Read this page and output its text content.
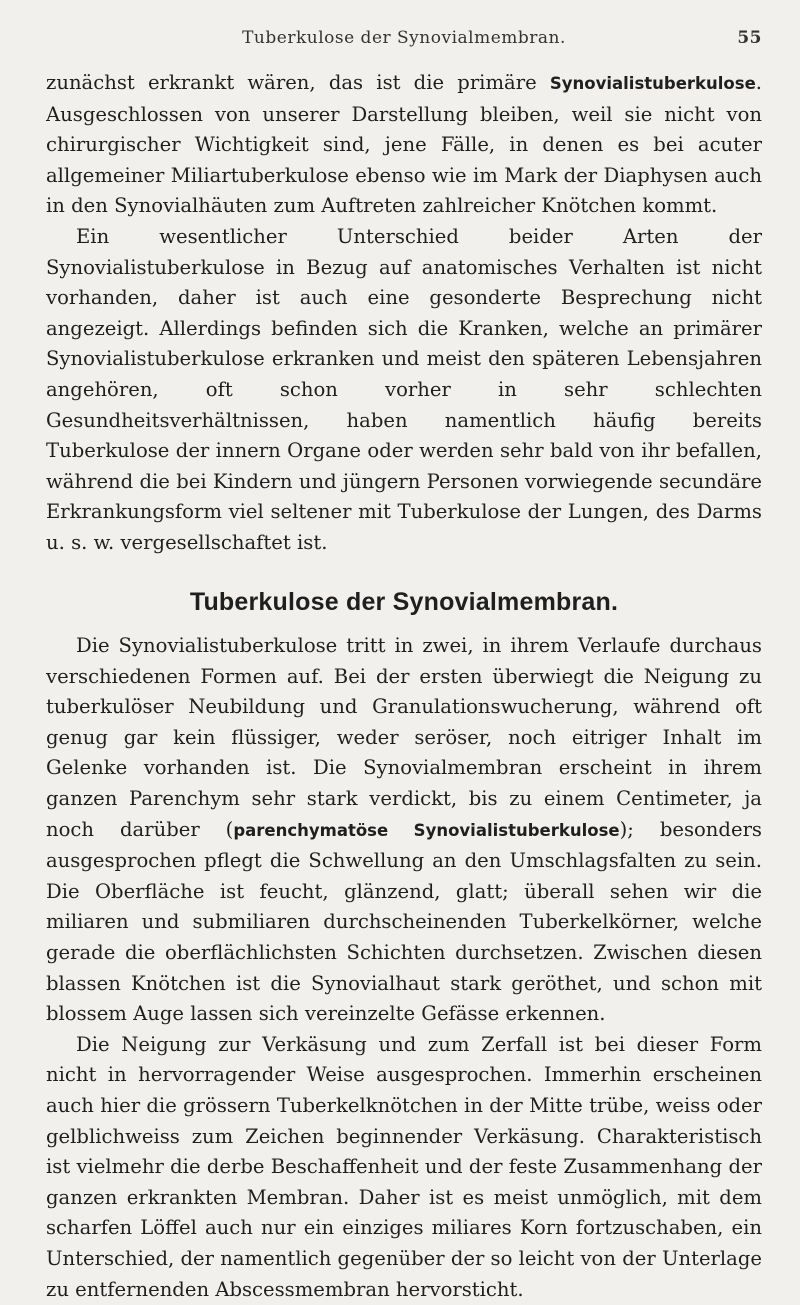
Tuberkulose der Synovialmembran.	55

zunächst erkrankt wären, das ist die primäre Synovialistuberkulose. Ausgeschlossen von unserer Darstellung bleiben, weil sie nicht von chirurgischer Wichtigkeit sind, jene Fälle, in denen es bei acuter allgemeiner Miliartuberkulose ebenso wie im Mark der Diaphysen auch in den Synovialhäuten zum Auftreten zahlreicher Knötchen kommt.

Ein wesentlicher Unterschied beider Arten der Synovialistuberkulose in Bezug auf anatomisches Verhalten ist nicht vorhanden, daher ist auch eine gesonderte Besprechung nicht angezeigt. Allerdings befinden sich die Kranken, welche an primärer Synovialistuberkulose erkranken und meist den späteren Lebensjahren angehören, oft schon vorher in sehr schlechten Gesundheitsverhältnissen, haben namentlich häufig bereits Tuberkulose der innern Organe oder werden sehr bald von ihr befallen, während die bei Kindern und jüngern Personen vorwiegende secundäre Erkrankungsform viel seltener mit Tuberkulose der Lungen, des Darms u. s. w. vergesellschaftet ist.

Tuberkulose der Synovialmembran.

Die Synovialistuberkulose tritt in zwei, in ihrem Verlaufe durchaus verschiedenen Formen auf. Bei der ersten überwiegt die Neigung zu tuberkulöser Neubildung und Granulationswucherung, während oft genug gar kein flüssiger, weder seröser, noch eitriger Inhalt im Gelenke vorhanden ist. Die Synovialmembran erscheint in ihrem ganzen Parenchym sehr stark verdickt, bis zu einem Centimeter, ja noch darüber (parenchymatöse Synovialistuberkulose); besonders ausgesprochen pflegt die Schwellung an den Umschlagsfalten zu sein. Die Oberfläche ist feucht, glänzend, glatt; überall sehen wir die miliaren und submiliaren durchscheinenden Tuberkelkörner, welche gerade die oberflächlichsten Schichten durchsetzen. Zwischen diesen blassen Knötchen ist die Synovialhaut stark geröthet, und schon mit blossem Auge lassen sich vereinzelte Gefässe erkennen.

Die Neigung zur Verkäsung und zum Zerfall ist bei dieser Form nicht in hervorragender Weise ausgesprochen. Immerhin erscheinen auch hier die grössern Tuberkelknötchen in der Mitte trübe, weiss oder gelblichweiss zum Zeichen beginnender Verkäsung. Charakteristisch ist vielmehr die derbe Beschaffenheit und der feste Zusammenhang der ganzen erkrankten Membran. Daher ist es meist unmöglich, mit dem scharfen Löffel auch nur ein einziges miliares Korn fortzuschaben, ein Unterschied, der namentlich gegenüber der so leicht von der Unterlage zu entfernenden Abscessmembran hervorsticht.
